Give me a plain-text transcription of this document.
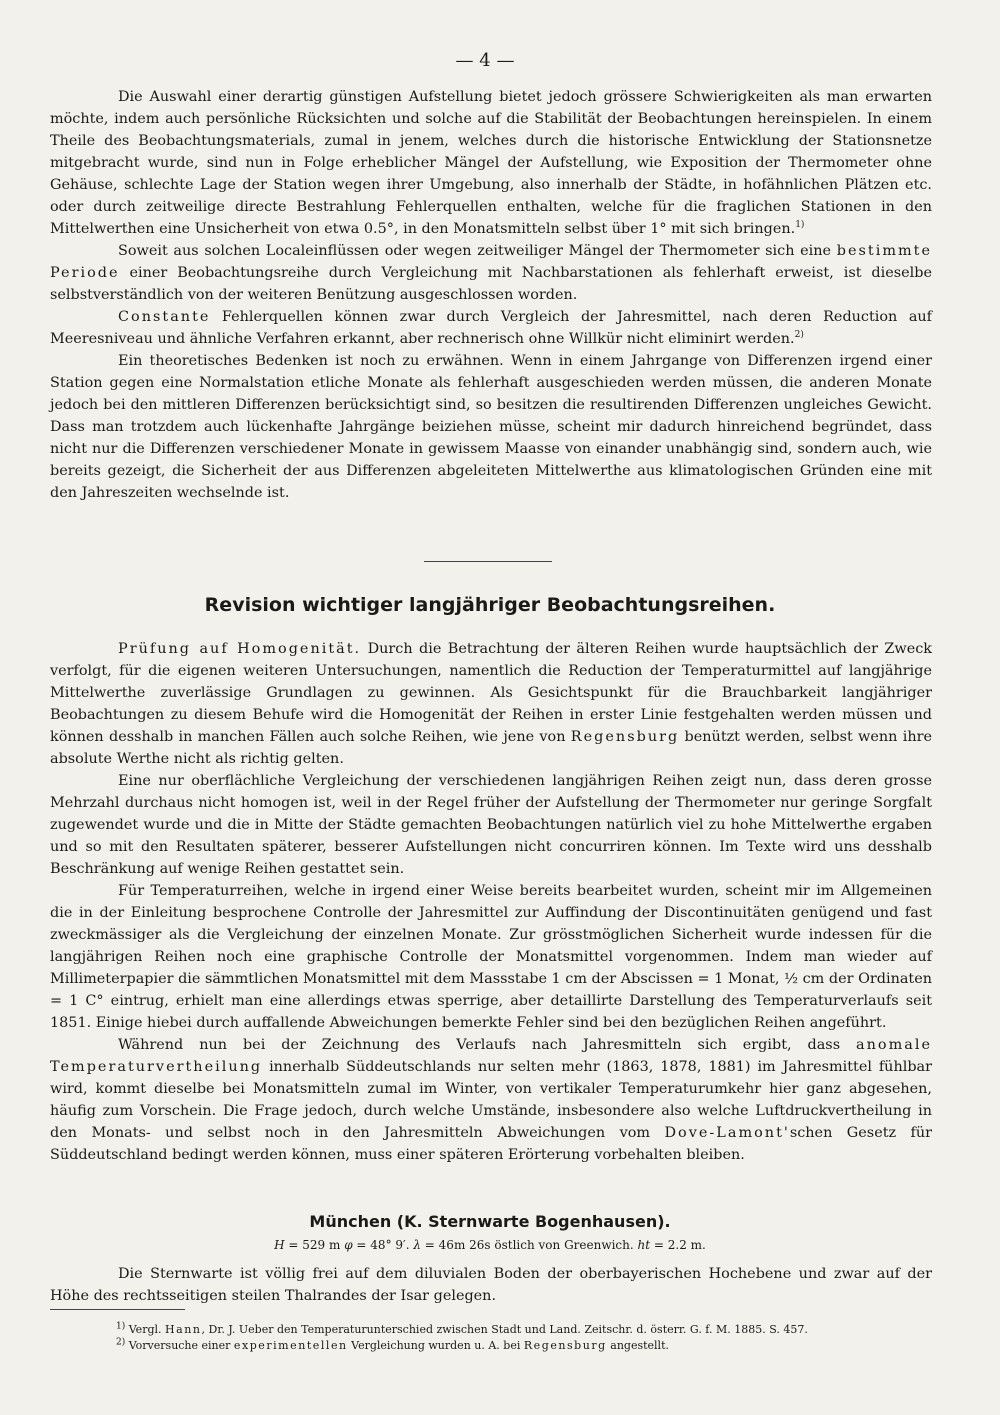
— 4 —

Die Auswahl einer derartig günstigen Aufstellung bietet jedoch grössere Schwierigkeiten als man erwarten möchte, indem auch persönliche Rücksichten und solche auf die Stabilität der Beobachtungen hereinspielen. In einem Theile des Beobachtungsmaterials, zumal in jenem, welches durch die historische Entwicklung der Stationsnetze mitgebracht wurde, sind nun in Folge erheblicher Mängel der Aufstellung, wie Exposition der Thermometer ohne Gehäuse, schlechte Lage der Station wegen ihrer Umgebung, also innerhalb der Städte, in hofähnlichen Plätzen etc. oder durch zeitweilige directe Bestrahlung Fehlerquellen enthalten, welche für die fraglichen Stationen in den Mittelwerthen eine Unsicherheit von etwa 0.5°, in den Monatsmitteln selbst über 1° mit sich bringen.$^{1)}$

Soweit aus solchen Localeinflüssen oder wegen zeitweiliger Mängel der Thermometer sich eine bestimmte Periode einer Beobachtungsreihe durch Vergleichung mit Nachbarstationen als fehlerhaft erweist, ist dieselbe selbstverständlich von der weiteren Benützung ausgeschlossen worden.

Constante Fehlerquellen können zwar durch Vergleich der Jahresmittel, nach deren Reduction auf Meeresniveau und ähnliche Verfahren erkannt, aber rechnerisch ohne Willkür nicht eliminirt werden.$^{2)}$

Ein theoretisches Bedenken ist noch zu erwähnen. Wenn in einem Jahrgange von Differenzen irgend einer Station gegen eine Normalstation etliche Monate als fehlerhaft ausgeschieden werden müssen, die anderen Monate jedoch bei den mittleren Differenzen berücksichtigt sind, so besitzen die resultirenden Differenzen ungleiches Gewicht. Dass man trotzdem auch lückenhafte Jahrgänge beiziehen müsse, scheint mir dadurch hinreichend begründet, dass nicht nur die Differenzen verschiedener Monate in gewissem Maasse von einander unabhängig sind, sondern auch, wie bereits gezeigt, die Sicherheit der aus Differenzen abgeleiteten Mittelwerthe aus klimatologischen Gründen eine mit den Jahreszeiten wechselnde ist.

Revision wichtiger langjähriger Beobachtungsreihen.

Prüfung auf Homogenität. Durch die Betrachtung der älteren Reihen wurde hauptsächlich der Zweck verfolgt, für die eigenen weiteren Untersuchungen, namentlich die Reduction der Temperaturmittel auf langjährige Mittelwerthe zuverlässige Grundlagen zu gewinnen. Als Gesichtspunkt für die Brauchbarkeit langjähriger Beobachtungen zu diesem Behufe wird die Homogenität der Reihen in erster Linie festgehalten werden müssen und können desshalb in manchen Fällen auch solche Reihen, wie jene von Regensburg benützt werden, selbst wenn ihre absolute Werthe nicht als richtig gelten.

Eine nur oberflächliche Vergleichung der verschiedenen langjährigen Reihen zeigt nun, dass deren grosse Mehrzahl durchaus nicht homogen ist, weil in der Regel früher der Aufstellung der Thermometer nur geringe Sorgfalt zugewendet wurde und die in Mitte der Städte gemachten Beobachtungen natürlich viel zu hohe Mittelwerthe ergaben und so mit den Resultaten späterer, besserer Aufstellungen nicht concurriren können. Im Texte wird uns desshalb Beschränkung auf wenige Reihen gestattet sein.

Für Temperaturreihen, welche in irgend einer Weise bereits bearbeitet wurden, scheint mir im Allgemeinen die in der Einleitung besprochene Controlle der Jahresmittel zur Auffindung der Discontinuitäten genügend und fast zweckmässiger als die Vergleichung der einzelnen Monate. Zur grösstmöglichen Sicherheit wurde indessen für die langjährigen Reihen noch eine graphische Controlle der Monatsmittel vorgenommen. Indem man wieder auf Millimeterpapier die sämmtlichen Monatsmittel mit dem Massstabe 1 cm der Abscissen = 1 Monat, ½ cm der Ordinaten = 1 C° eintrug, erhielt man eine allerdings etwas sperrige, aber detaillirte Darstellung des Temperaturverlaufs seit 1851. Einige hiebei durch auffallende Abweichungen bemerkte Fehler sind bei den bezüglichen Reihen angeführt.

Während nun bei der Zeichnung des Verlaufs nach Jahresmitteln sich ergibt, dass anomale Temperaturvertheilung innerhalb Süddeutschlands nur selten mehr (1863, 1878, 1881) im Jahresmittel fühlbar wird, kommt dieselbe bei Monatsmitteln zumal im Winter, von vertikaler Temperaturumkehr hier ganz abgesehen, häufig zum Vorschein. Die Frage jedoch, durch welche Umstände, insbesondere also welche Luftdruckvertheilung in den Monats- und selbst noch in den Jahresmitteln Abweichungen vom Dove-Lamont'schen Gesetz für Süddeutschland bedingt werden können, muss einer späteren Erörterung vorbehalten bleiben.

München (K. Sternwarte Bogenhausen).
H = 529 m φ = 48° 9′. λ = 46m 26s östlich von Greenwich. ht = 2.2 m.

Die Sternwarte ist völlig frei auf dem diluvialen Boden der oberbayerischen Hochebene und zwar auf der Höhe des rechtsseitigen steilen Thalrandes der Isar gelegen.

$^{1)}$ Vergl. Hann, Dr. J. Ueber den Temperaturunterschied zwischen Stadt und Land. Zeitschr. d. österr. G. f. M. 1885. S. 457.

$^{2)}$ Vorversuche einer experimentellen Vergleichung wurden u. A. bei Regensburg angestellt.
